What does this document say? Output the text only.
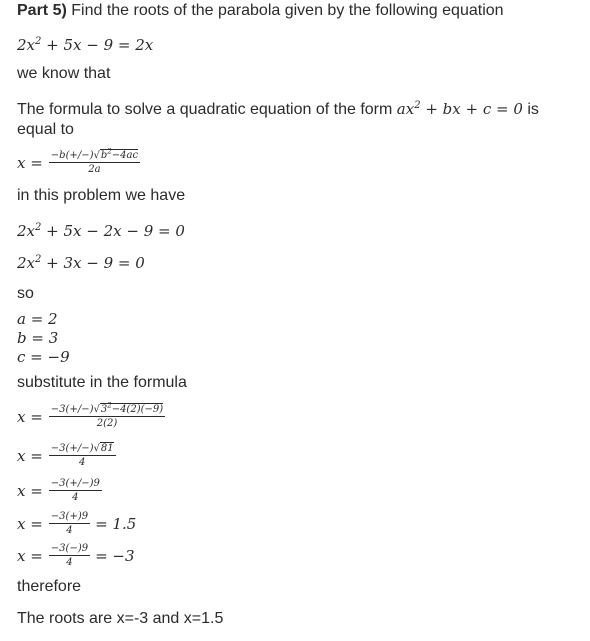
Part 5) Find the roots of the parabola given by the following equation
$2x^2 + 5x - 9 = 2x$
we know that
The formula to solve a quadratic equation of the form $ax^2$ + bx + c = 0 is
equal to
$x = \frac{-b(+/-)√b^2-4ac}{2a}$
in this problem we have
$2x^2 + 5x - 2x - 9 = 0$
$2x^2 + 3x - 9 = 0$
so
a = 2
b = 3
c = −9
substitute in the formula
$x = \frac{-3(+/-)√3^2-4(2)(-9)}{2(2)}$
$x = \frac{-3(+/-)√81}{4}$
$x = \frac{-3(+/-)9}{4}$
$x = \frac{-3(+)9}{4} = 1.5$
$x = \frac{-3(-)9}{4} = -3$
therefore
The roots are x=-3 and x=1.5
